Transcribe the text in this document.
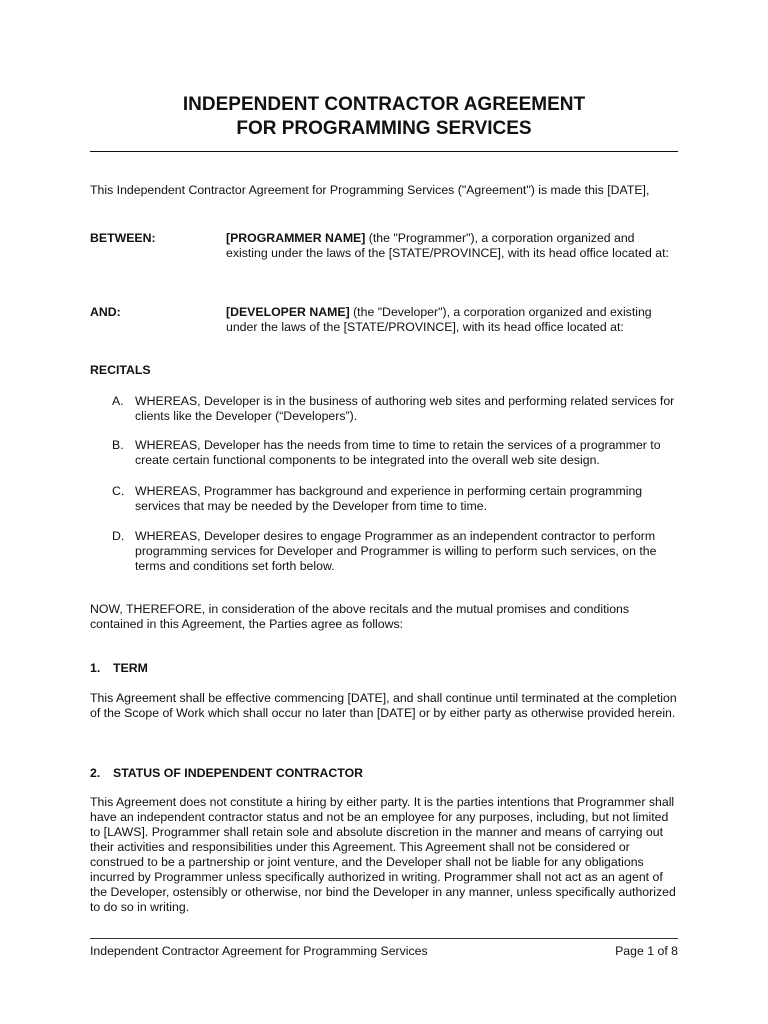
INDEPENDENT CONTRACTOR AGREEMENT
FOR PROGRAMMING SERVICES

This Independent Contractor Agreement for Programming Services ("Agreement") is made this [DATE],

BETWEEN:	[PROGRAMMER NAME] (the "Programmer"), a corporation organized and existing under the laws of the [STATE/PROVINCE], with its head office located at:
AND:	[DEVELOPER NAME] (the "Developer"), a corporation organized and existing under the laws of the [STATE/PROVINCE], with its head office located at:

RECITALS

A. WHEREAS, Developer is in the business of authoring web sites and performing related services for clients like the Developer (“Developers”).
B. WHEREAS, Developer has the needs from time to time to retain the services of a programmer to create certain functional components to be integrated into the overall web site design.
C. WHEREAS, Programmer has background and experience in performing certain programming services that may be needed by the Developer from time to time.
D. WHEREAS, Developer desires to engage Programmer as an independent contractor to perform programming services for Developer and Programmer is willing to perform such services, on the terms and conditions set forth below.

NOW, THEREFORE, in consideration of the above recitals and the mutual promises and conditions contained in this Agreement, the Parties agree as follows:

1. TERM

This Agreement shall be effective commencing [DATE], and shall continue until terminated at the completion of the Scope of Work which shall occur no later than [DATE] or by either party as otherwise provided herein.

2. STATUS OF INDEPENDENT CONTRACTOR

This Agreement does not constitute a hiring by either party. It is the parties intentions that Programmer shall have an independent contractor status and not be an employee for any purposes, including, but not limited to [LAWS]. Programmer shall retain sole and absolute discretion in the manner and means of carrying out their activities and responsibilities under this Agreement. This Agreement shall not be considered or construed to be a partnership or joint venture, and the Developer shall not be liable for any obligations incurred by Programmer unless specifically authorized in writing. Programmer shall not act as an agent of the Developer, ostensibly or otherwise, nor bind the Developer in any manner, unless specifically authorized to do so in writing.

Independent Contractor Agreement for Programming Services	Page 1 of 8
